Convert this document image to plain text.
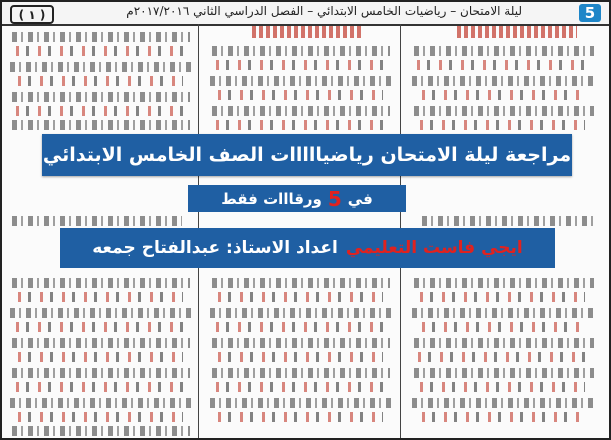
( ١ )	ليلة الامتحان – رياضيات الخامس الابتدائي – الفصل الدراسي الثاني ٢٠١٧/٢٠١٦م	5
مراجعة ليلة الامتحان رياضيااااات الصف الخامس الابتدائي
في
5
ورقااات فقط
ايجي فاست التعليمي
اعداد الاستاذ: عبدالفتاح جمعه
